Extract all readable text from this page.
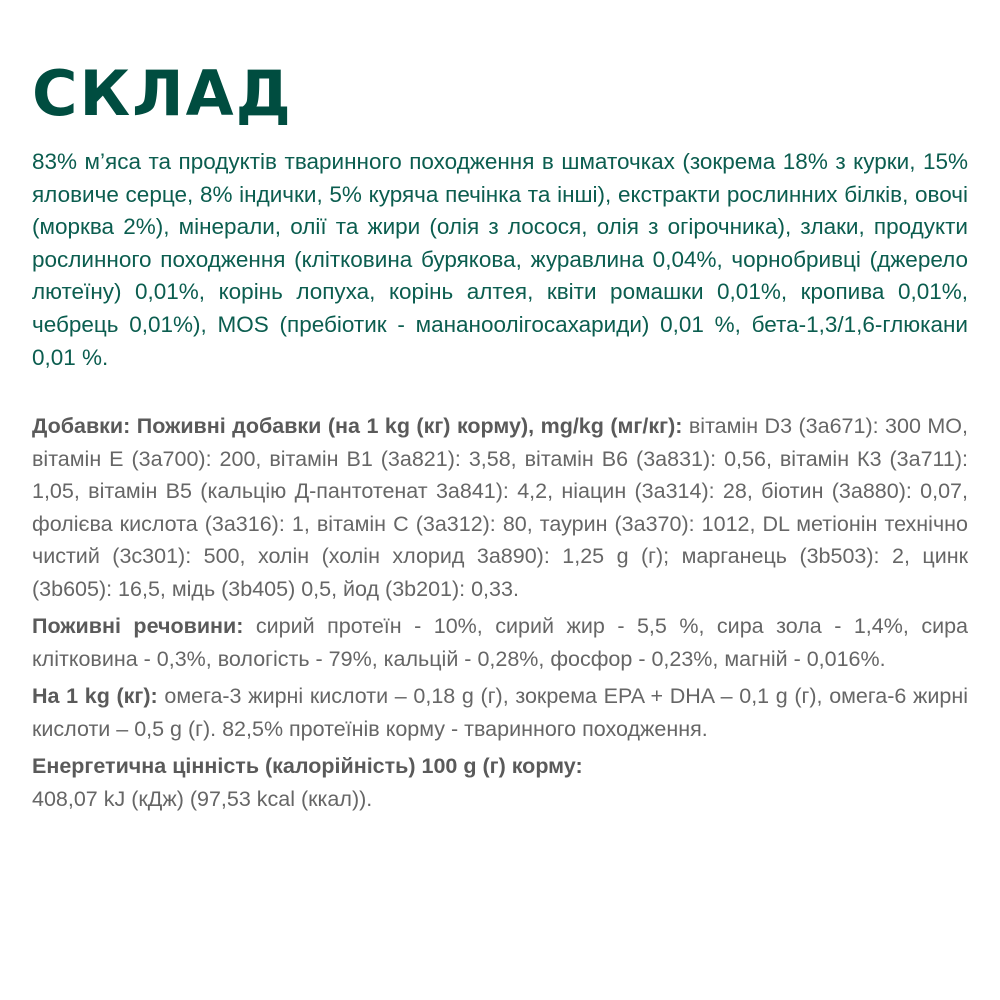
СКЛАД

83% м’яса та продуктів тваринного походження в шматочках (зокрема 18% з курки, 15% яловиче серце, 8% індички, 5% куряча печінка та інші), екстракти рослинних білків, овочі (морква 2%), мінерали, олії та жири (олія з лосося, олія з огірочника), злаки, продукти рослинного походження (клітковина бурякова, журавлина 0,04%, чорнобривці (джерело лютеїну) 0,01%, корінь лопуха, корінь алтея, квіти ромашки 0,01%, кропива 0,01%, чебрець 0,01%), MOS (пребіотик - мананоолігосахариди) 0,01 %, бета-1,3/1,6-глюкани 0,01 %.

Добавки: Поживні добавки (на 1 kg (кг) корму), mg/kg (мг/кг): вітамін D3 (3a671): 300 МО, вітамін Е (3a700): 200, вітамін B1 (3a821): 3,58, вітамін B6 (3a831): 0,56, вітамін К3 (3a711): 1,05, вітамін B5 (кальцію Д-пантотенат 3a841): 4,2, ніацин (3a314): 28, біотин (3a880): 0,07, фолієва кислота (3a316): 1, вітамін С (3a312): 80, таурин (3a370): 1012, DL метіонін технічно чистий (3c301): 500, холін (холін хлорид 3a890): 1,25 g (г); марганець (3b503): 2, цинк (3b605): 16,5, мідь (3b405) 0,5, йод (3b201): 0,33.

Поживні речовини: сирий протеїн - 10%, сирий жир - 5,5 %, сира зола - 1,4%, сира клітковина - 0,3%, вологість - 79%, кальцій - 0,28%, фосфор - 0,23%, магній - 0,016%.

На 1 kg (кг): омега-3 жирні кислоти – 0,18 g (г), зокрема EPA + DHA – 0,1 g (г), омега-6 жирні кислоти – 0,5 g (г). 82,5% протеїнів корму - тваринного походження.

Енергетична цінність (калорійність) 100 g (г) корму:
408,07 kJ (кДж) (97,53 kcal (ккал)).
